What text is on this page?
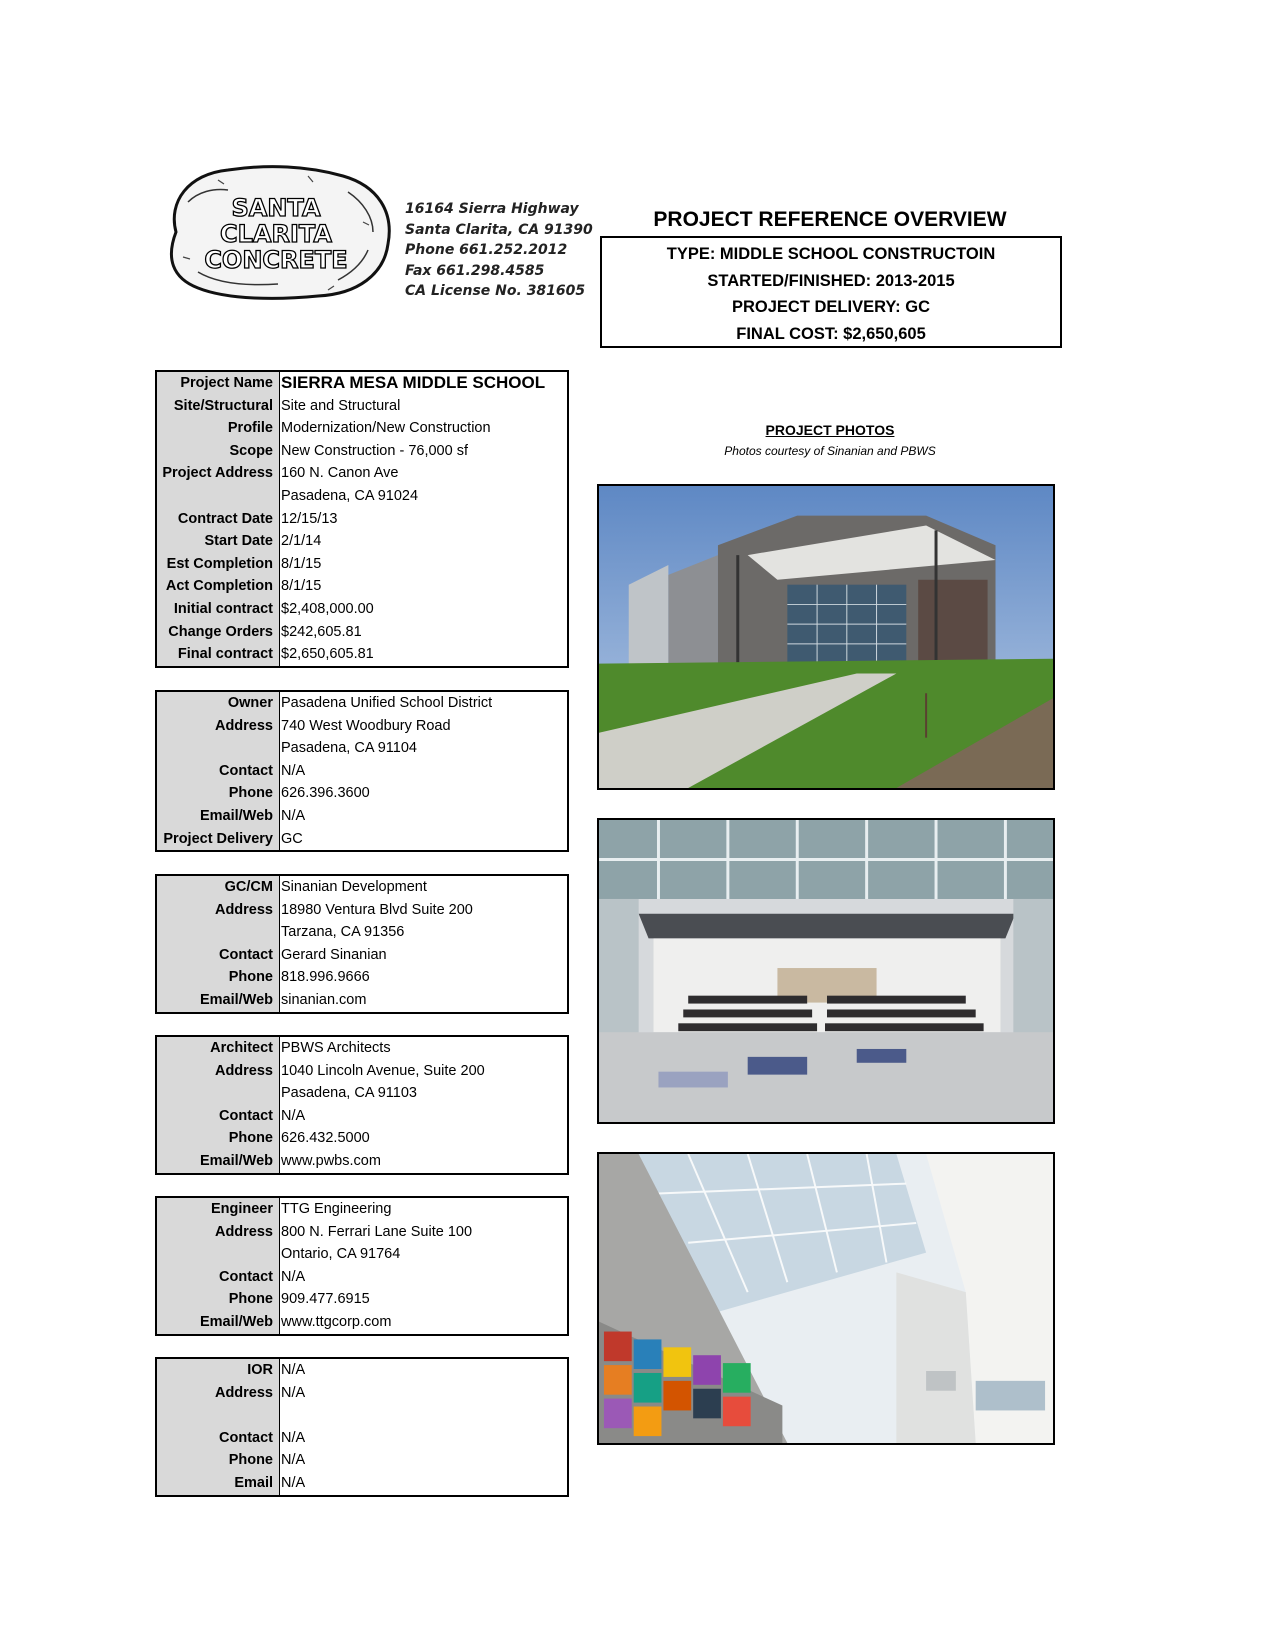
SANTA
CLARITA
CONCRETE
16164 Sierra Highway
Santa Clarita, CA 91390
Phone 661.252.2012
Fax 661.298.4585
CA License No. 381605
PROJECT REFERENCE OVERVIEW
TYPE: MIDDLE SCHOOL CONSTRUCTOIN
STARTED/FINISHED: 2013-2015
PROJECT DELIVERY: GC
FINAL COST: $2,650,605
Project Name SIERRA MESA MIDDLE SCHOOL
Site/Structural Site and Structural
Profile Modernization/New Construction
Scope New Construction - 76,000 sf
Project Address 160 N. Canon Ave
Pasadena, CA 91024
Contract Date 12/15/13
Start Date 2/1/14
Est Completion 8/1/15
Act Completion 8/1/15
Initial contract $2,408,000.00
Change Orders $242,605.81
Final contract $2,650,605.81
Owner Pasadena Unified School District
Address 740 West Woodbury Road
Pasadena, CA 91104
Contact N/A
Phone 626.396.3600
Email/Web N/A
Project Delivery GC
GC/CM Sinanian Development
Address 18980 Ventura Blvd Suite 200
Tarzana, CA 91356
Contact Gerard Sinanian
Phone 818.996.9666
Email/Web sinanian.com
Architect PBWS Architects
Address 1040 Lincoln Avenue, Suite 200
Pasadena, CA 91103
Contact N/A
Phone 626.432.5000
Email/Web www.pwbs.com
Engineer TTG Engineering
Address 800 N. Ferrari Lane Suite 100
Ontario, CA 91764
Contact N/A
Phone 909.477.6915
Email/Web www.ttgcorp.com
IOR N/A
Address N/A
Contact N/A
Phone N/A
Email N/A
PROJECT PHOTOS
Photos courtesy of Sinanian and PBWS
